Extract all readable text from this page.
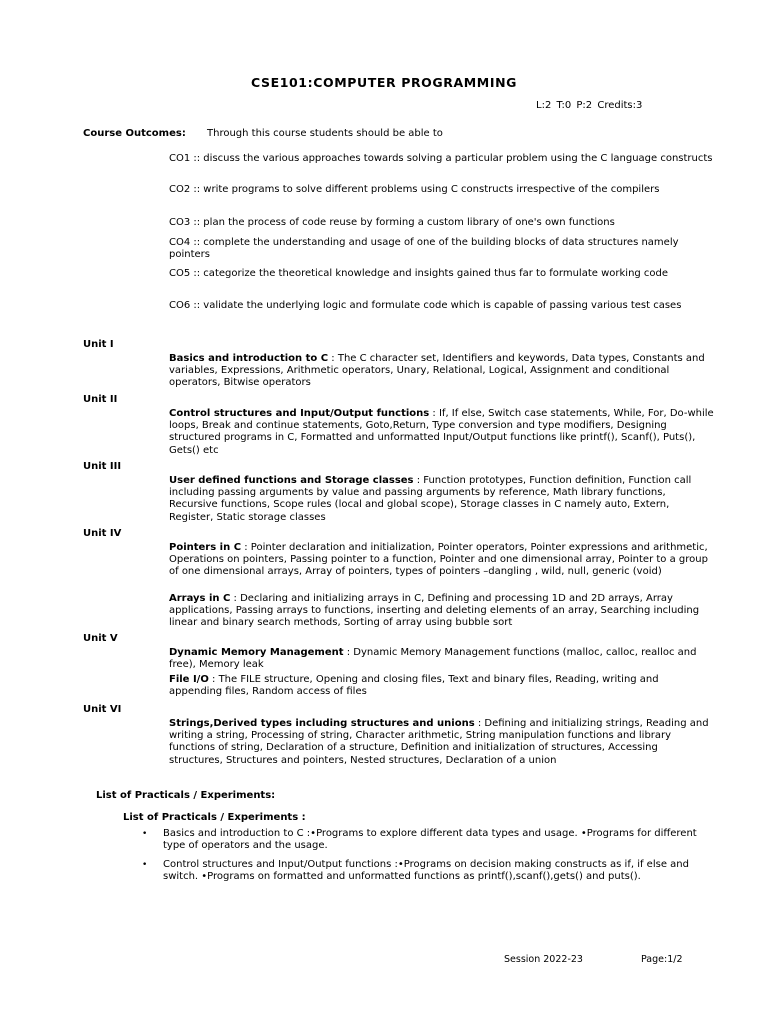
CSE101:COMPUTER PROGRAMMING
L:2 T:0 P:2 Credits:3
Course Outcomes: Through this course students should be able to
CO1 :: discuss the various approaches towards solving a particular problem using the C language constructs
CO2 :: write programs to solve different problems using C constructs irrespective of the compilers
CO3 :: plan the process of code reuse by forming a custom library of one's own functions
CO4 :: complete the understanding and usage of one of the building blocks of data structures namely pointers
CO5 :: categorize the theoretical knowledge and insights gained thus far to formulate working code
CO6 :: validate the underlying logic and formulate code which is capable of passing various test cases
Unit I
Basics and introduction to C : The C character set, Identifiers and keywords, Data types, Constants and variables, Expressions, Arithmetic operators, Unary, Relational, Logical, Assignment and conditional operators, Bitwise operators
Unit II
Control structures and Input/Output functions : If, If else, Switch case statements, While, For, Do-while loops, Break and continue statements, Goto,Return, Type conversion and type modifiers, Designing structured programs in C, Formatted and unformatted Input/Output functions like printf(), Scanf(), Puts(), Gets() etc
Unit III
User defined functions and Storage classes : Function prototypes, Function definition, Function call including passing arguments by value and passing arguments by reference, Math library functions, Recursive functions, Scope rules (local and global scope), Storage classes in C namely auto, Extern, Register, Static storage classes
Unit IV
Pointers in C : Pointer declaration and initialization, Pointer operators, Pointer expressions and arithmetic, Operations on pointers, Passing pointer to a function, Pointer and one dimensional array, Pointer to a group of one dimensional arrays, Array of pointers, types of pointers –dangling , wild, null, generic (void)
Arrays in C : Declaring and initializing arrays in C, Defining and processing 1D and 2D arrays, Array applications, Passing arrays to functions, inserting and deleting elements of an array, Searching including linear and binary search methods, Sorting of array using bubble sort
Unit V
Dynamic Memory Management : Dynamic Memory Management functions (malloc, calloc, realloc and free), Memory leak
File I/O : The FILE structure, Opening and closing files, Text and binary files, Reading, writing and appending files, Random access of files
Unit VI
Strings,Derived types including structures and unions : Defining and initializing strings, Reading and writing a string, Processing of string, Character arithmetic, String manipulation functions and library functions of string, Declaration of a structure, Definition and initialization of structures, Accessing structures, Structures and pointers, Nested structures, Declaration of a union
List of Practicals / Experiments:
List of Practicals / Experiments :
• Basics and introduction to C :•Programs to explore different data types and usage. •Programs for different type of operators and the usage.
• Control structures and Input/Output functions :•Programs on decision making constructs as if, if else and switch. •Programs on formatted and unformatted functions as printf(),scanf(),gets() and puts().
Session 2022-23	Page:1/2
